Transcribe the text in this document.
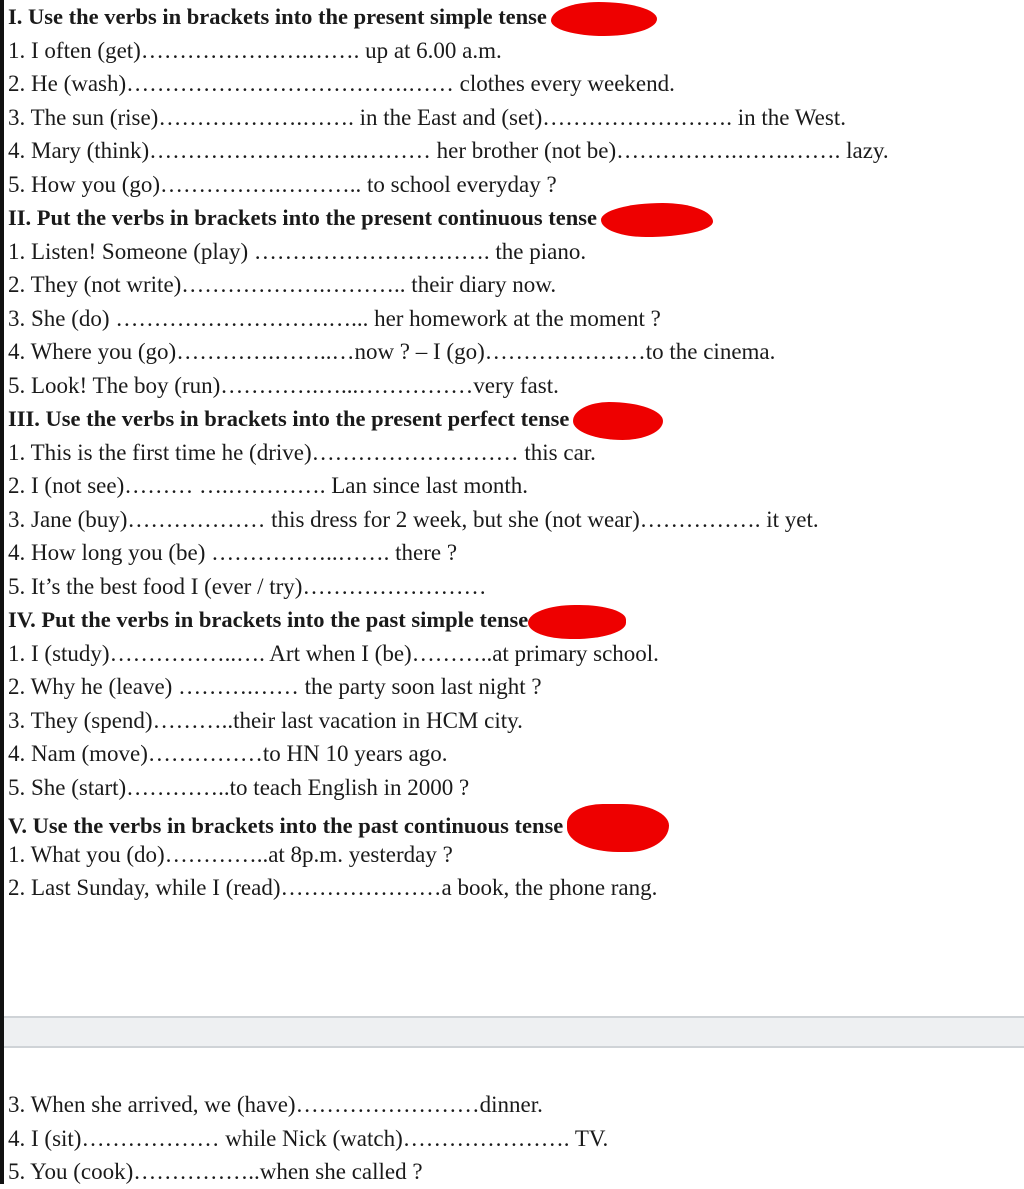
I. Use the verbs in brackets into the present simple tense
1. I often (get)………………….……. up at 6.00 a.m.
2. He (wash)……………………………….…… clothes every weekend.
3. The sun (rise)……………….……. in the East and (set)……………………. in the West.
4. Mary (think)……………………….……… her brother (not be)…………….…….……. lazy.
5. How you (go)…………….……….. to school everyday ?
II. Put the verbs in brackets into the present continuous tense
1. Listen! Someone (play) …………………………. the piano.
2. They (not write)……………….……….. their diary now.
3. She (do) ……………………….…... her homework at the moment ?
4. Where you (go)………….……..…now ? – I (go)…………………to the cinema.
5. Look! The boy (run)………….…...……………very fast.
III. Use the verbs in brackets into the present perfect tense
1. This is the first time he (drive)……………………… this car.
2. I (not see)……… ….…………. Lan since last month.
3. Jane (buy)……………… this dress for 2 week, but she (not wear)……………. it yet.
4. How long you (be) ……………..……. there ?
5. It’s the best food I (ever / try)……………………
IV. Put the verbs in brackets into the past simple tense
1. I (study)……………..…. Art when I (be)………..at primary school.
2. Why he (leave) ……….…… the party soon last night ?
3. They (spend)………..their last vacation in HCM city.
4. Nam (move)……………to HN 10 years ago.
5. She (start)…………..to teach English in 2000 ?
V. Use the verbs in brackets into the past continuous tense
1. What you (do)…………..at 8p.m. yesterday ?
2. Last Sunday, while I (read)…………………a book, the phone rang.
3. When she arrived, we (have)……………………dinner.
4. I (sit)……………… while Nick (watch)…………………. TV.
5. You (cook)……………..when she called ?
